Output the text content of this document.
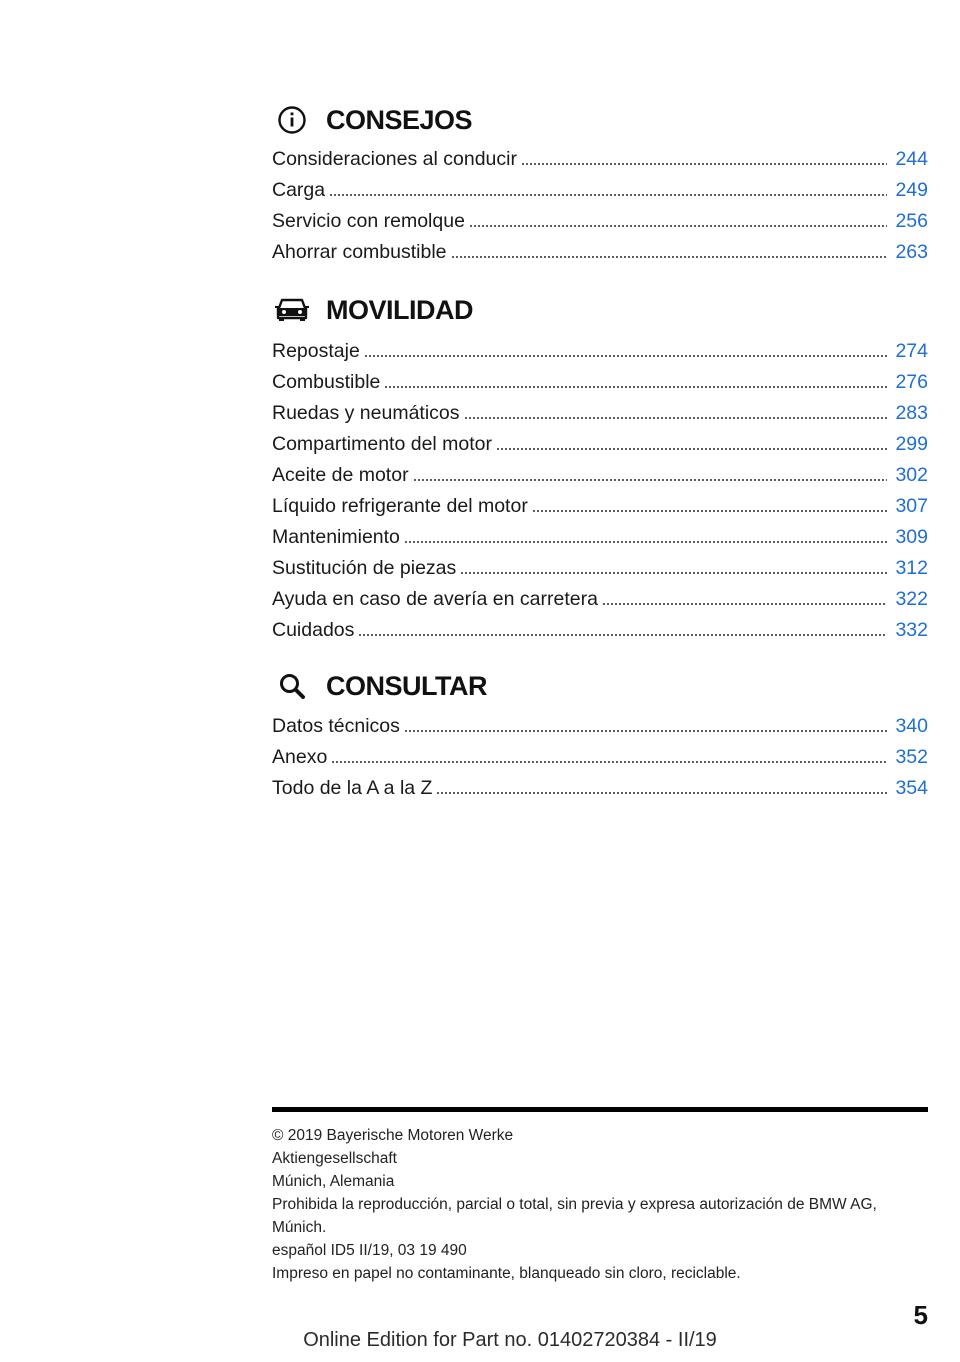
CONSEJOS
Consideraciones al conducir	244
Carga	249
Servicio con remolque	256
Ahorrar combustible	263
MOVILIDAD
Repostaje	274
Combustible	276
Ruedas y neumáticos	283
Compartimento del motor	299
Aceite de motor	302
Líquido refrigerante del motor	307
Mantenimiento	309
Sustitución de piezas	312
Ayuda en caso de avería en carretera	322
Cuidados	332
CONSULTAR
Datos técnicos	340
Anexo	352
Todo de la A a la Z	354
© 2019 Bayerische Motoren Werke
Aktiengesellschaft
Múnich, Alemania
Prohibida la reproducción, parcial o total, sin previa y expresa autorización de BMW AG,
Múnich.
español ID5 II/19, 03 19 490
Impreso en papel no contaminante, blanqueado sin cloro, reciclable.
5
Online Edition for Part no. 01402720384 - II/19
